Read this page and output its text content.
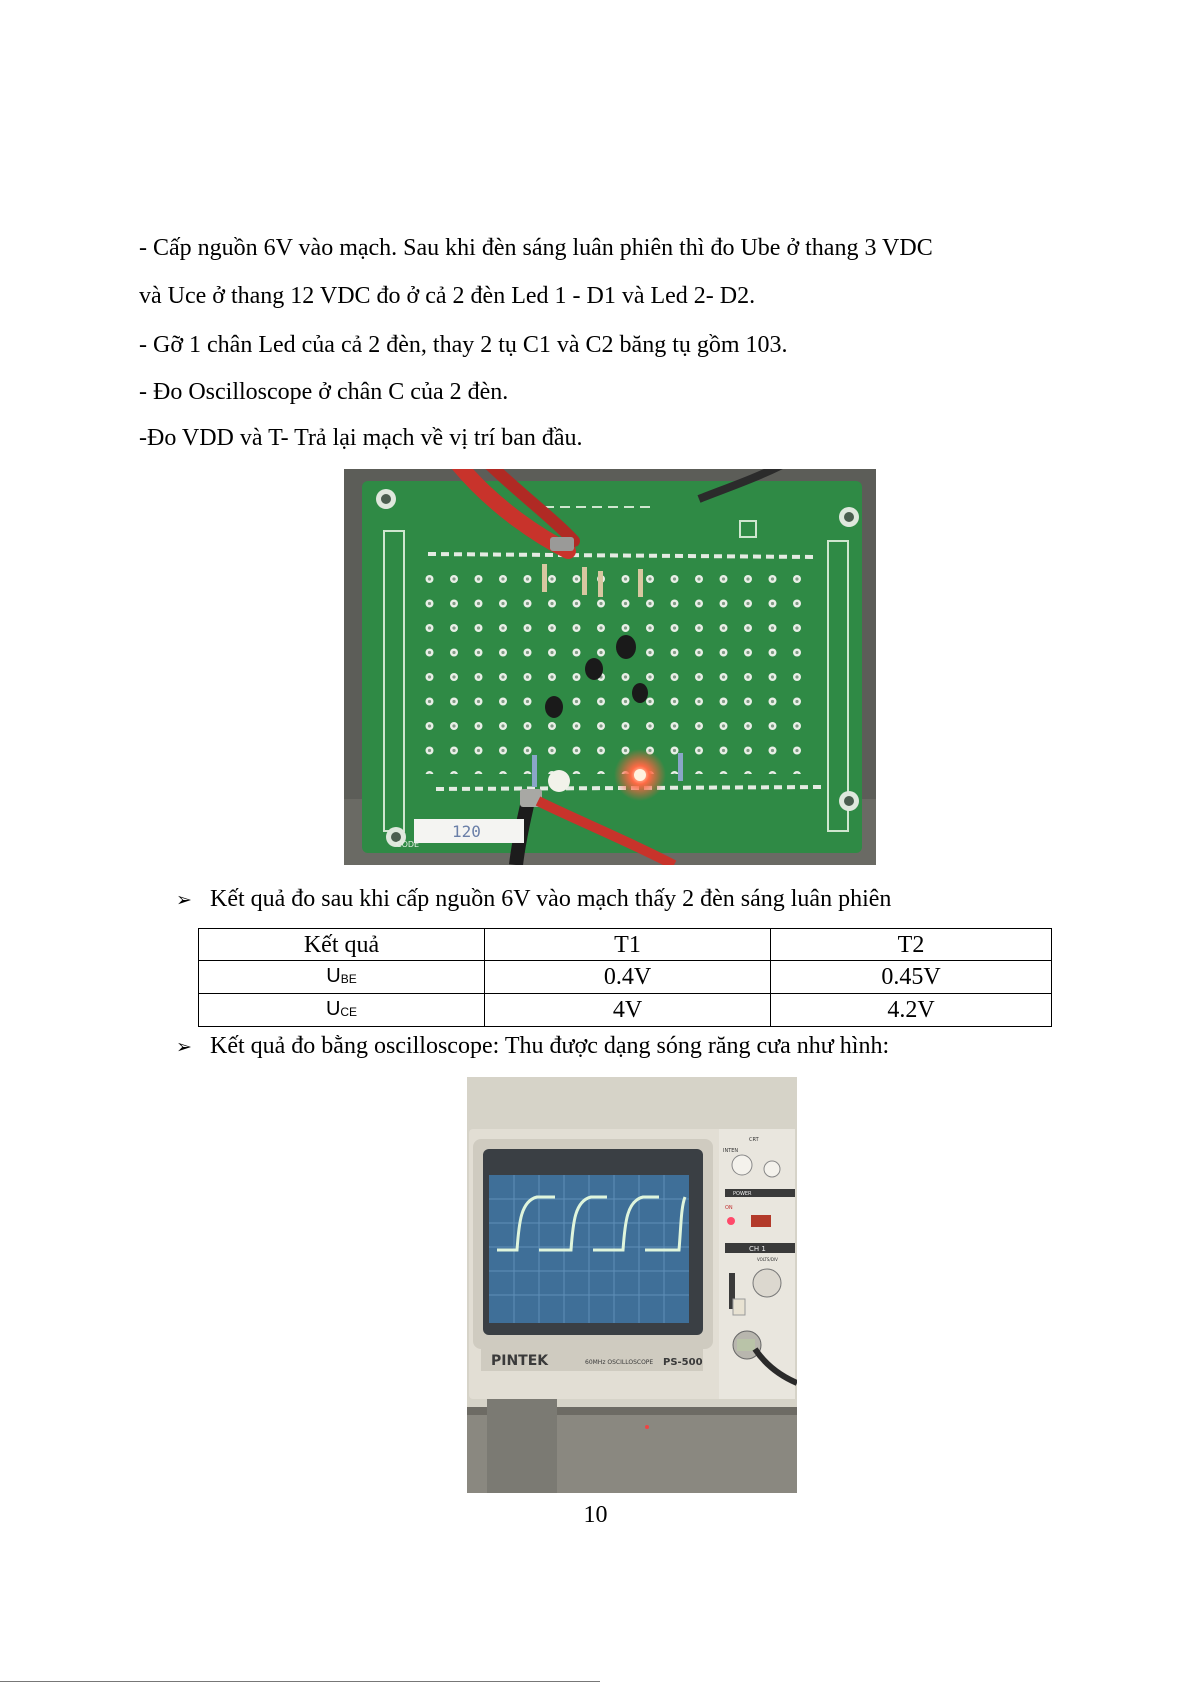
- Cấp nguồn 6V vào mạch. Sau khi đèn sáng luân phiên thì đo Ube ở thang 3 VDC
và Uce ở thang 12 VDC đo ở cả 2 đèn Led 1 - D1 và Led 2- D2.
- Gỡ 1 chân Led của cả 2 đèn, thay 2 tụ C1 và C2 băng tụ gồm 103.
- Đo Oscilloscope ở chân C của 2 đèn.
-Đo VDD và T- Trả lại mạch về vị trí ban đầu.
CODE
120
➢ Kết quả đo sau khi cấp nguồn 6V vào mạch thấy 2 đèn sáng luân phiên
Kết quả	T1	T2
$U_{BE}$	0.4V	0.45V
$U_{CE}$	4V	4.2V
➢ Kết quả đo bằng oscilloscope: Thu được dạng sóng răng cưa như hình:
PINTEK	60MHz OSCILLOSCOPE PS-500
CRT
INTEN
POWER
ON
CH 1
VOLTS/DIV
10
